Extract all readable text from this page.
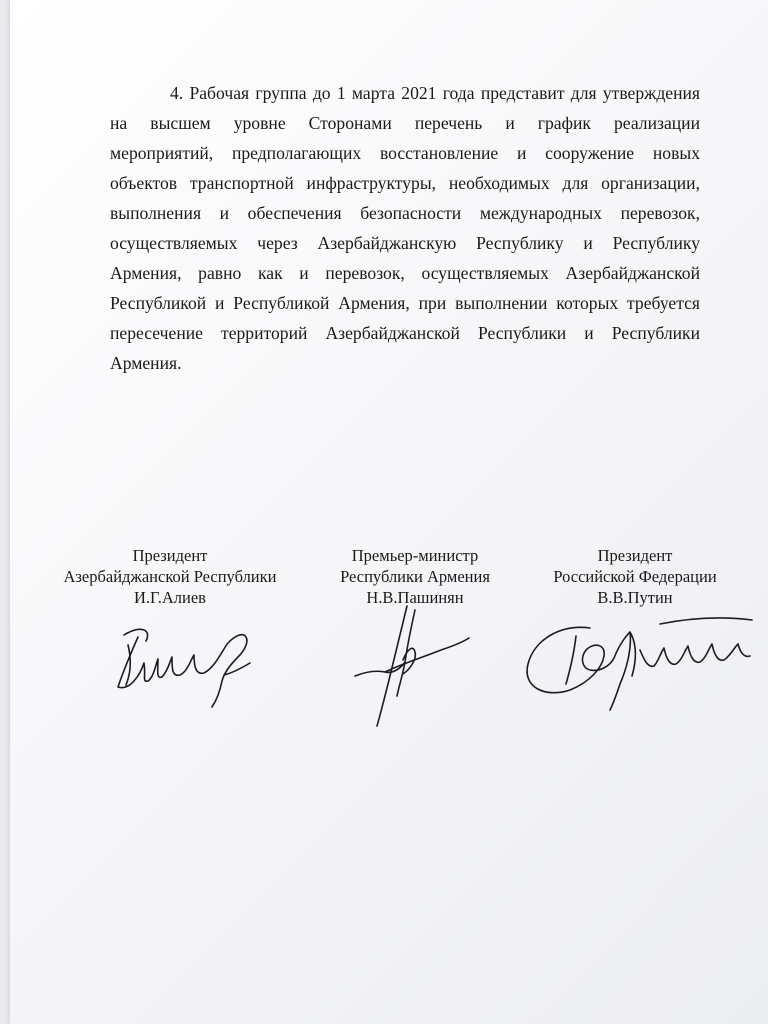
4. Рабочая группа до 1 марта 2021 года представит для утверждения
на высшем уровне Сторонами перечень и график реализации
мероприятий, предполагающих восстановление и сооружение новых
объектов транспортной инфраструктуры, необходимых для организации,
выполнения и обеспечения безопасности международных перевозок,
осуществляемых через Азербайджанскую Республику и Республику
Армения, равно как и перевозок, осуществляемых Азербайджанской
Республикой и Республикой Армения, при выполнении которых требуется
пересечение территорий Азербайджанской Республики и Республики
Армения.
Президент
Азербайджанской Республики
И.Г.Алиев
Премьер-министр
Республики Армения
Н.В.Пашинян
Президент
Российской Федерации
В.В.Путин
